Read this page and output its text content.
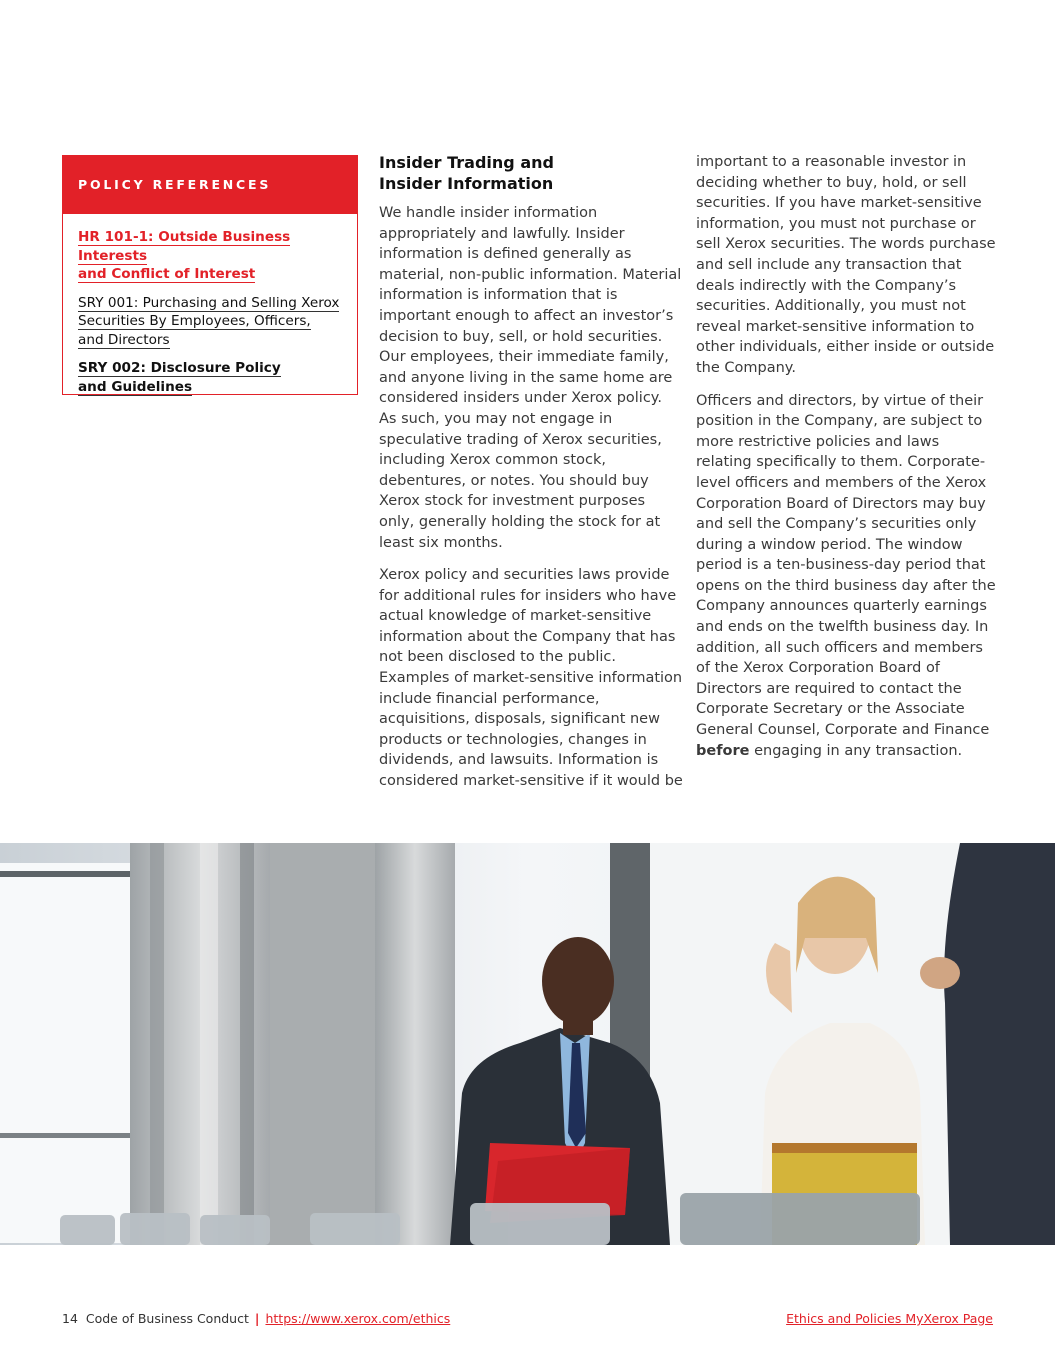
POLICY REFERENCES
HR 101-1: Outside Business Interests
and Conflict of Interest
SRY 001: Purchasing and Selling Xerox
Securities By Employees, Officers,
and Directors
SRY 002: Disclosure Policy
and Guidelines
Insider Trading and
Insider Information

We handle insider information appropriately and lawfully. Insider information is defined generally as material, non-public information. Material information is information that is important enough to affect an investor’s decision to buy, sell, or hold securities. Our employees, their immediate family, and anyone living in the same home are considered insiders under Xerox policy. As such, you may not engage in speculative trading of Xerox securities, including Xerox common stock, debentures, or notes. You should buy Xerox stock for investment purposes only, generally holding the stock for at least six months.

Xerox policy and securities laws provide for additional rules for insiders who have actual knowledge of market-sensitive information about the Company that has not been disclosed to the public. Examples of market-sensitive information include financial performance, acquisitions, disposals, significant new products or technologies, changes in dividends, and lawsuits. Information is considered market-sensitive if it would be

important to a reasonable investor in deciding whether to buy, hold, or sell securities. If you have market-sensitive information, you must not purchase or sell Xerox securities. The words purchase and sell include any transaction that deals indirectly with the Company’s securities. Additionally, you must not reveal market-sensitive information to other individuals, either inside or outside the Company.

Officers and directors, by virtue of their position in the Company, are subject to more restrictive policies and laws relating specifically to them. Corporate-level officers and members of the Xerox Corporation Board of Directors may buy and sell the Company’s securities only during a window period. The window period is a ten-business-day period that opens on the third business day after the Company announces quarterly earnings and ends on the twelfth business day. In addition, all such officers and members of the Xerox Corporation Board of Directors are required to contact the Corporate Secretary or the Associate General Counsel, Corporate and Finance before engaging in any transaction.

14 Code of Business Conduct | https://www.xerox.com/ethics	Ethics and Policies MyXerox Page
